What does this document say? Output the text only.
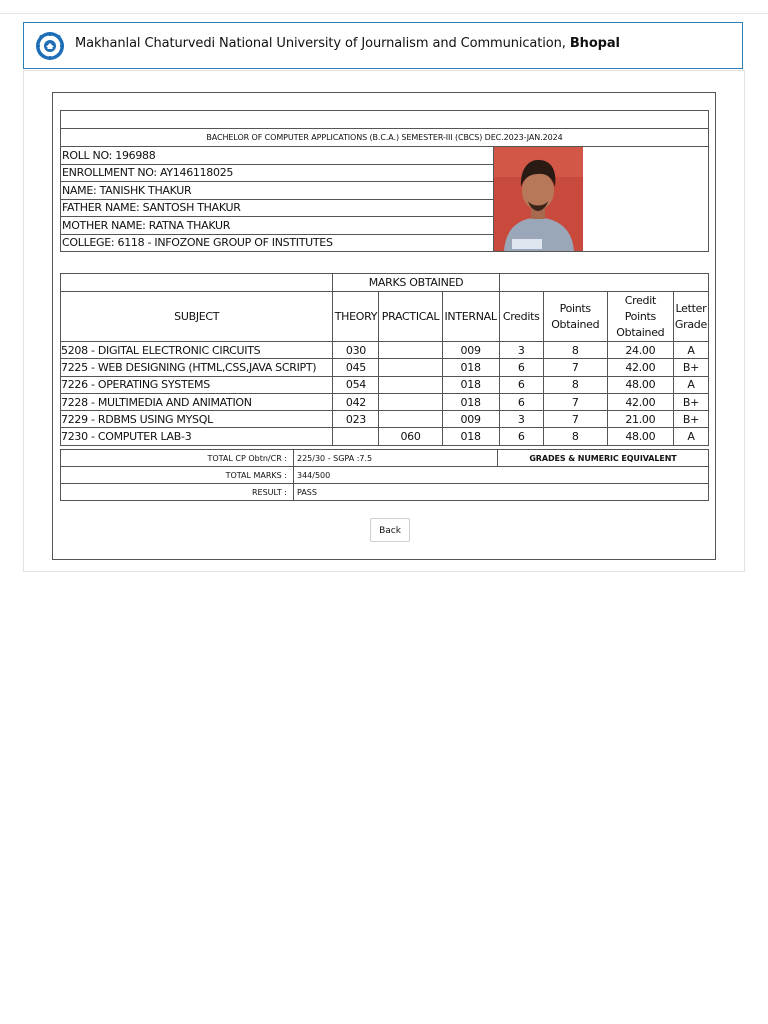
Makhanlal Chaturvedi National University of Journalism and Communication, Bhopal

BACHELOR OF COMPUTER APPLICATIONS (B.C.A.) SEMESTER-III (CBCS) DEC.2023-JAN.2024
ROLL NO: 196988	

ENROLLMENT NO: AY146118025
NAME: TANISHK THAKUR
FATHER NAME: SANTOSH THAKUR
MOTHER NAME: RATNA THAKUR
COLLEGE: 6118 - INFOZONE GROUP OF INSTITUTES
	MARKS OBTAINED						
SUBJECT	THEORY	PRACTICAL	INTERNAL	Credits	Points Obtained	Credit Points Obtained	Letter Grade
5208 - DIGITAL ELECTRONIC CIRCUITS	030		009	3	8	24.00	A
7225 - WEB DESIGNING (HTML,CSS,JAVA SCRIPT)	045		018	6	7	42.00	B+
7226 - OPERATING SYSTEMS	054		018	6	8	48.00	A
7228 - MULTIMEDIA AND ANIMATION	042		018	6	7	42.00	B+
7229 - RDBMS USING MYSQL	023		009	3	7	21.00	B+
7230 - COMPUTER LAB-3		060	018	6	8	48.00	A
TOTAL CP Obtn/CR :	225/30 - SGPA :7.5	GRADES & NUMERIC EQUIVALENT
TOTAL MARKS :	344/500	
RESULT :	PASS	
Back
